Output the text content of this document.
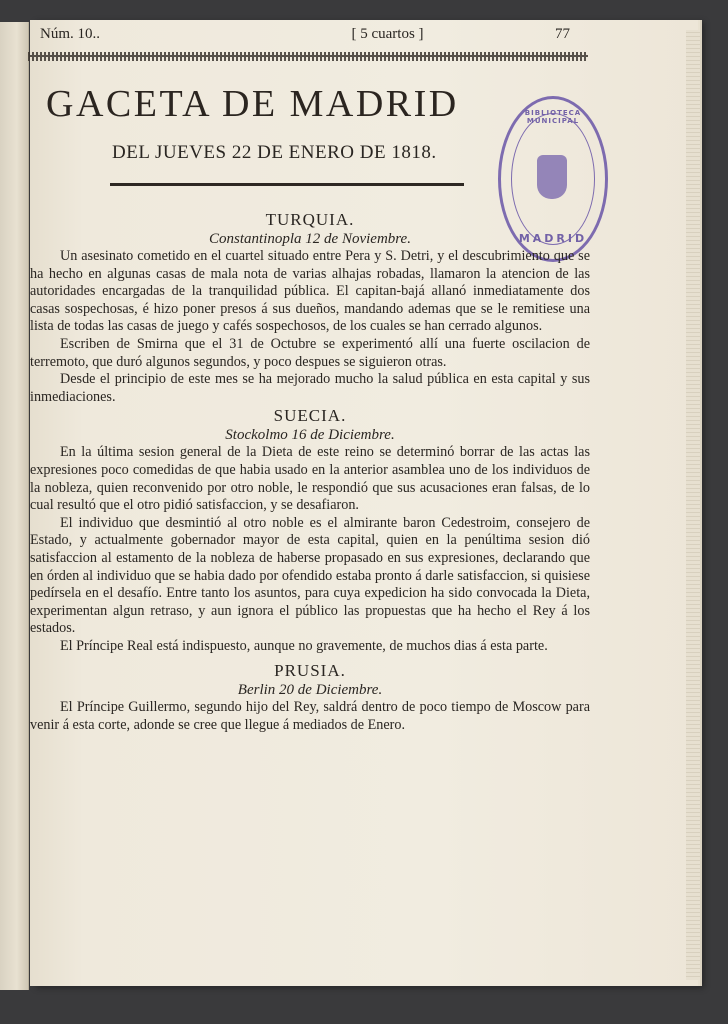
Núm. 10..	[ 5 cuartos ]	77
GACETA DE MADRID
DEL JUEVES 22 DE ENERO DE 1818.
BIBLIOTECA MUNICIPAL
MADRID

TURQUIA.

Constantinopla 12 de Noviembre.

Un asesinato cometido en el cuartel situado entre Pera y S. Detri, y el descubrimiento que se ha hecho en algunas casas de mala nota de varias alhajas robadas, llamaron la atencion de las autoridades encargadas de la tranquilidad pública. El capitan-bajá allanó inmediatamente dos casas sospechosas, é hizo poner presos á sus dueños, mandando ademas que se le remitiese una lista de todas las casas de juego y cafés sospechosos, de los cuales se han cerrado algunos.

Escriben de Smirna que el 31 de Octubre se experimentó allí una fuerte oscilacion de terremoto, que duró algunos segundos, y poco despues se siguieron otras.

Desde el principio de este mes se ha mejorado mucho la salud pública en esta capital y sus inmediaciones.

SUECIA.

Stockolmo 16 de Diciembre.

En la última sesion general de la Dieta de este reino se determinó borrar de las actas las expresiones poco comedidas de que habia usado en la anterior asamblea uno de los individuos de la nobleza, quien reconvenido por otro noble, le respondió que sus acusaciones eran falsas, de lo cual resultó que el otro pidió satisfaccion, y se desafiaron.

El individuo que desmintió al otro noble es el almirante baron Cedestroim, consejero de Estado, y actualmente gobernador mayor de esta capital, quien en la penúltima sesion dió satisfaccion al estamento de la nobleza de haberse propasado en sus expresiones, declarando que en órden al individuo que se habia dado por ofendido estaba pronto á darle satisfaccion, si quisiese pedírsela en el desafío. Entre tanto los asuntos, para cuya expedicion ha sido convocada la Dieta, experimentan algun retraso, y aun ignora el público las propuestas que ha hecho el Rey á los estados.

El Príncipe Real está indispuesto, aunque no gravemente, de muchos dias á esta parte.

PRUSIA.

Berlin 20 de Diciembre.

El Príncipe Guillermo, segundo hijo del Rey, saldrá dentro de poco tiempo de Moscow para venir á esta corte, adonde se cree que llegue á mediados de Enero.
